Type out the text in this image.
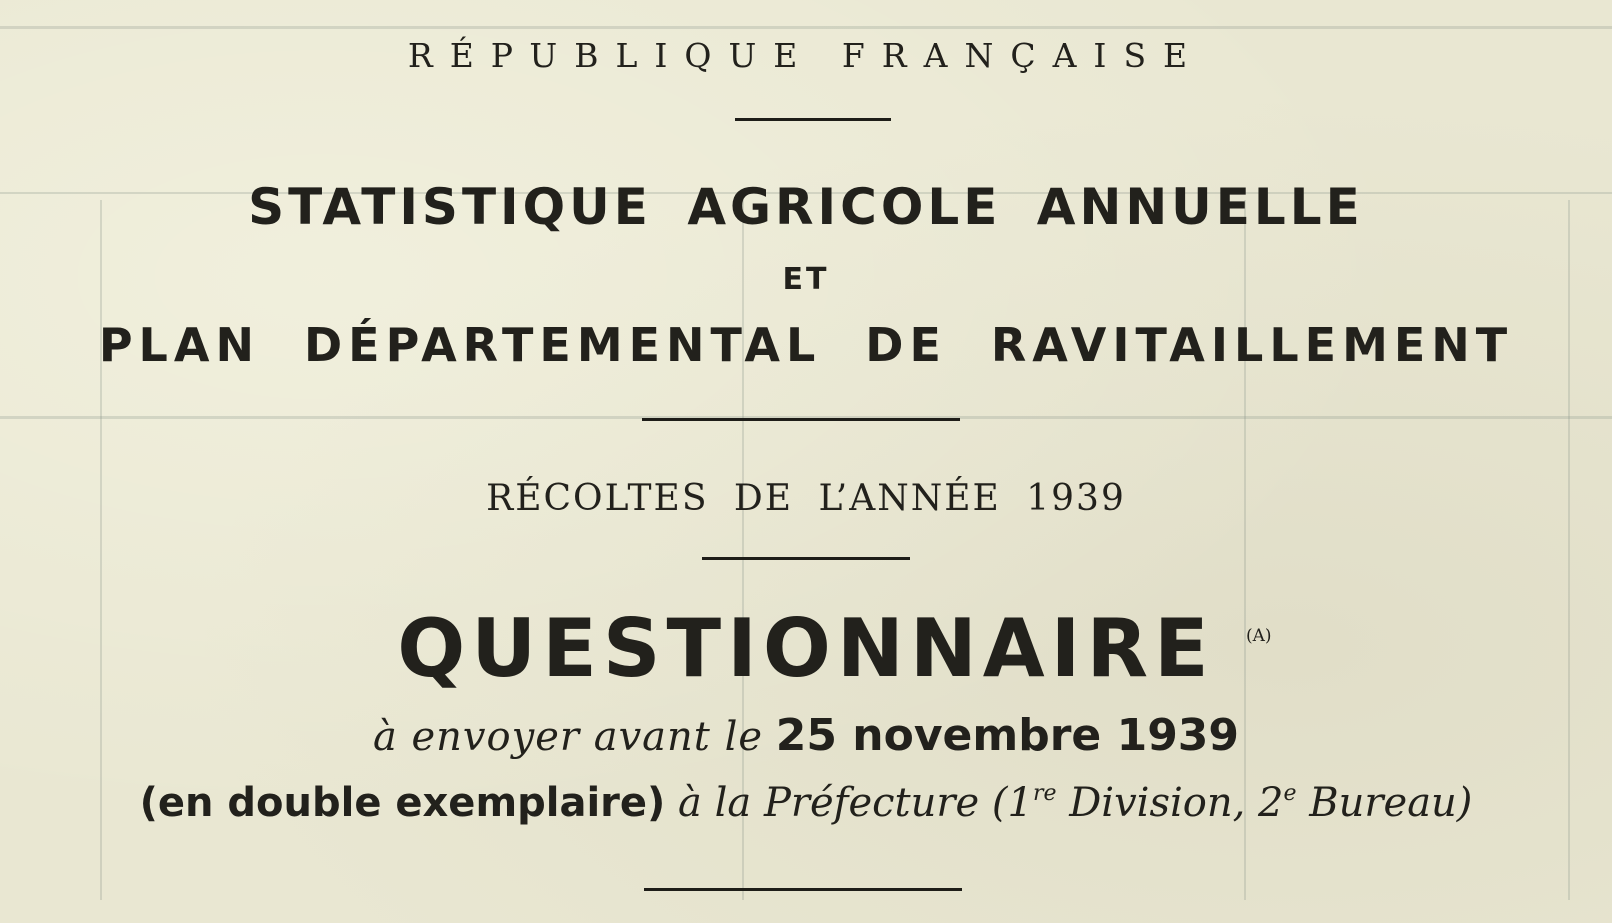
RÉPUBLIQUE FRANÇAISE
STATISTIQUE AGRICOLE ANNUELLE
ET
PLAN DÉPARTEMENTAL DE RAVITAILLEMENT
RÉCOLTES DE L’ANNÉE 1939
QUESTIONNAIRE	(A)
à envoyer avant le 25 novembre 1939
(en double exemplaire) à la Préfecture (1re Division, 2e Bureau)
